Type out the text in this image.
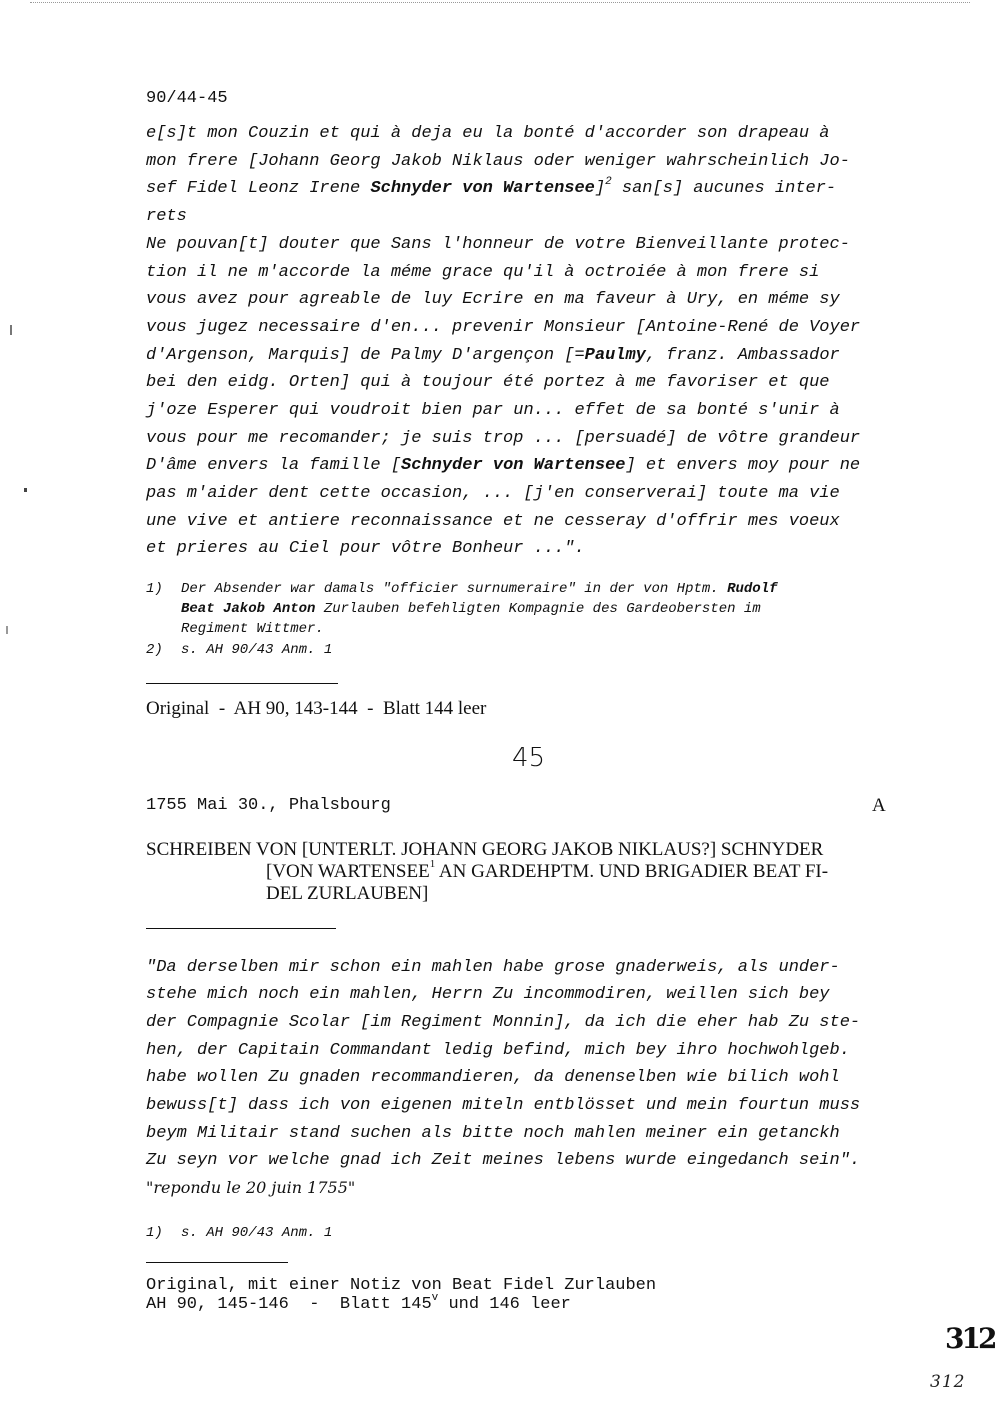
90/44-45
e[s]t mon Couzin et qui à deja eu la bonté d'accorder son drapeau à
mon frere [Johann Georg Jakob Niklaus oder weniger wahrscheinlich Jo-
sef Fidel Leonz Irene Schnyder von Wartensee]$^2$ san[s] aucunes inter-
rets
Ne pouvan[t] douter que Sans l'honneur de votre Bienveillante protec-
tion il ne m'accorde la méme grace qu'il à octroiée à mon frere si
vous avez pour agreable de luy Ecrire en ma faveur à Ury, en méme sy
vous jugez necessaire d'en... prevenir Monsieur [Antoine-René de Voyer
d'Argenson, Marquis] de Palmy D'argençon [=Paulmy, franz. Ambassador
bei den eidg. Orten] qui à toujour été portez à me favoriser et que
j'oze Esperer qui voudroit bien par un... effet de sa bonté s'unir à
vous pour me recomander; je suis trop ... [persuadé] de vôtre grandeur
D'âme envers la famille [Schnyder von Wartensee] et envers moy pour ne
pas m'aider dent cette occasion, ... [j'en conserverai] toute ma vie
une vive et antiere reconnaissance et ne cesseray d'offrir mes voeux
et prieres au Ciel pour vôtre Bonheur ...".
1) Der Absender war damals "officier surnumeraire" in der von Hptm. Rudolf
Beat Jakob Anton Zurlauben befehligten Kompagnie des Gardeobersten im
Regiment Wittmer.
2) s. AH 90/43 Anm. 1
Original  -  AH 90, 143-144  -  Blatt 144 leer
45
1755 Mai 30., Phalsbourg	A
SCHREIBEN VON [UNTERLT. JOHANN GEORG JAKOB NIKLAUS?] SCHNYDER
[VON WARTENSEE$^1$ AN GARDEHPTM. UND BRIGADIER BEAT FI-
DEL ZURLAUBEN]
"Da derselben mir schon ein mahlen habe grose gnaderweis, als under-
stehe mich noch ein mahlen, Herrn Zu incommodiren, weillen sich bey
der Compagnie Scolar [im Regiment Monnin], da ich die eher hab Zu ste-
hen, der Capitain Commandant ledig befind, mich bey ihro hochwohlgeb.
habe wollen Zu gnaden recommandieren, da denenselben wie bilich wohl
bewuss[t] dass ich von eigenen miteln entblösset und mein fourtun muss
beym Militair stand suchen als bitte noch mahlen meiner ein getanckh
Zu seyn vor welche gnad ich Zeit meines lebens wurde eingedanch sein".
"repondu le 20 juin 1755"
1) s. AH 90/43 Anm. 1
Original, mit einer Notiz von Beat Fidel Zurlauben
AH 90, 145-146  -  Blatt 145$^v$ und 146 leer
312
312
